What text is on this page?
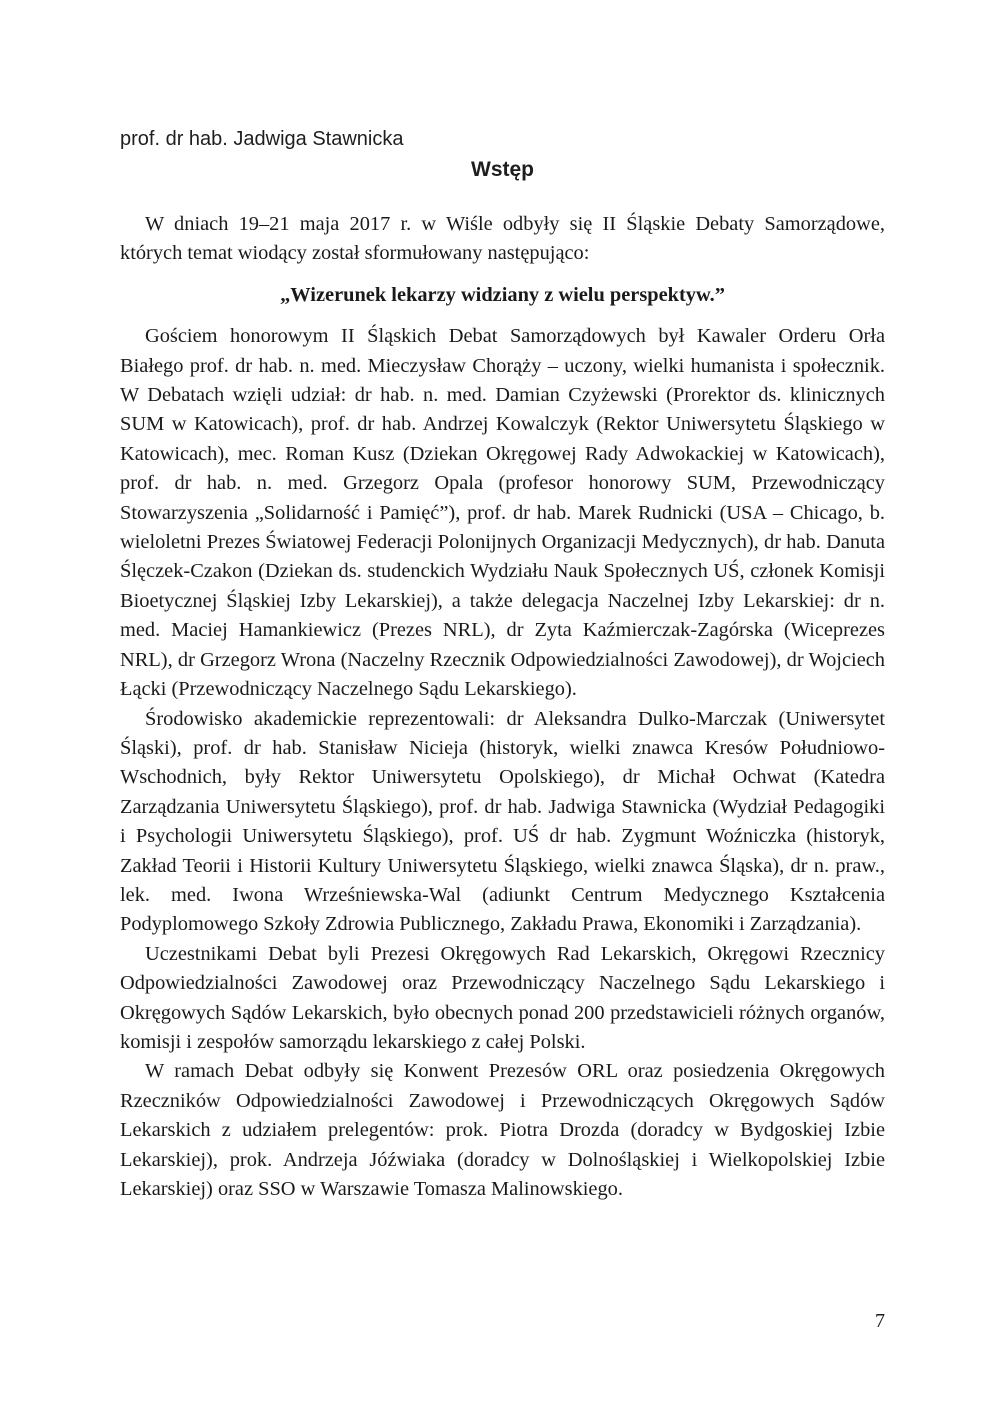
prof. dr hab. Jadwiga Stawnicka
Wstęp

W dniach 19–21 maja 2017 r. w Wiśle odbyły się II Śląskie Debaty Samorządowe, których temat wiodący został sformułowany następująco:

„Wizerunek lekarzy widziany z wielu perspektyw.”

Gościem honorowym II Śląskich Debat Samorządowych był Kawaler Orderu Orła Białego prof. dr hab. n. med. Mieczysław Chorąży – uczony, wielki humanista i społecznik. W Debatach wzięli udział: dr hab. n. med. Damian Czyżewski (Prorektor ds. klinicznych SUM w Katowicach), prof. dr hab. Andrzej Kowalczyk (Rektor Uniwersytetu Śląskiego w Katowicach), mec. Roman Kusz (Dziekan Okręgowej Rady Adwokackiej w Katowicach), prof. dr hab. n. med. Grzegorz Opala (profesor honorowy SUM, Przewodniczący Stowarzyszenia „Solidarność i Pamięć”), prof. dr hab. Marek Rudnicki (USA – Chicago, b. wieloletni Prezes Światowej Federacji Polonijnych Organizacji Medycznych), dr hab. Danuta Ślęczek-Czakon (Dziekan ds. studenckich Wydziału Nauk Społecznych UŚ, członek Komisji Bioetycznej Śląskiej Izby Lekarskiej), a także delegacja Naczelnej Izby Lekarskiej: dr n. med. Maciej Hamankiewicz (Prezes NRL), dr Zyta Kaźmierczak-Zagórska (Wiceprezes NRL), dr Grzegorz Wrona (Naczelny Rzecznik Odpowiedzialności Zawodowej), dr Wojciech Łącki (Przewodniczący Naczelnego Sądu Lekarskiego).

Środowisko akademickie reprezentowali: dr Aleksandra Dulko-Marczak (Uniwersytet Śląski), prof. dr hab. Stanisław Nicieja (historyk, wielki znawca Kresów Południowo-Wschodnich, były Rektor Uniwersytetu Opolskiego), dr Michał Ochwat (Katedra Zarządzania Uniwersytetu Śląskiego), prof. dr hab. Jadwiga Stawnicka (Wydział Pedagogiki i Psychologii Uniwersytetu Śląskiego), prof. UŚ dr hab. Zygmunt Woźniczka (historyk, Zakład Teorii i Historii Kultury Uniwersytetu Śląskiego, wielki znawca Śląska), dr n. praw., lek. med. Iwona Wrześniewska-Wal (adiunkt Centrum Medycznego Kształcenia Podyplomowego Szkoły Zdrowia Publicznego, Zakładu Prawa, Ekonomiki i Zarządzania).

Uczestnikami Debat byli Prezesi Okręgowych Rad Lekarskich, Okręgowi Rzecznicy Odpowiedzialności Zawodowej oraz Przewodniczący Naczelnego Sądu Lekarskiego i Okręgowych Sądów Lekarskich, było obecnych ponad 200 przedstawicieli różnych organów, komisji i zespołów samorządu lekarskiego z całej Polski.

W ramach Debat odbyły się Konwent Prezesów ORL oraz posiedzenia Okręgowych Rzeczników Odpowiedzialności Zawodowej i Przewodniczących Okręgowych Sądów Lekarskich z udziałem prelegentów: prok. Piotra Drozda (doradcy w Bydgoskiej Izbie Lekarskiej), prok. Andrzeja Jóźwiaka (doradcy w Dolnośląskiej i Wielkopolskiej Izbie Lekarskiej) oraz SSO w Warszawie Tomasza Malinowskiego.

7
